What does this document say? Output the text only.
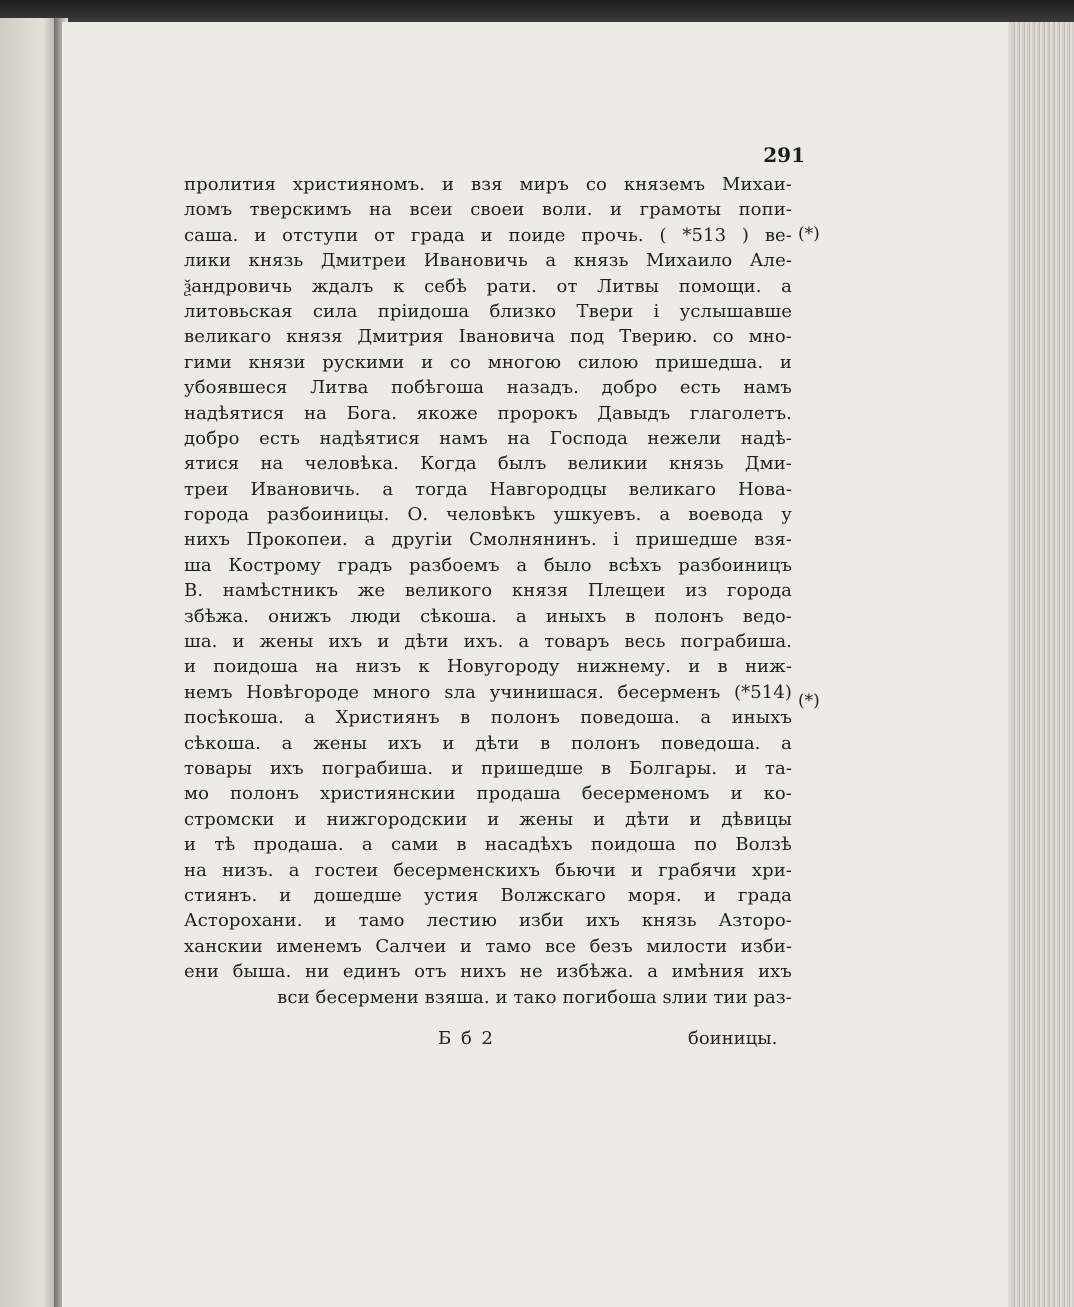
291
пролития християномъ. и взя миръ со княземъ Михаи-
ломъ тверскимъ на всеи своеи воли. и грамоты попи-
саша. и отступи от града и поиде прочь. ( *513 ) ве-
лики князь Дмитреи Ивановичь а князь Михаило Але-
ѯандровичь ждалъ к себѣ рати. от Литвы помощи. а
литовьская сила прiидоша близко Твери i услышавше
великаго князя Дмитрия Iвановича под Тверию. со мно-
гими князи рускими и со многою силою пришедша. и
убоявшеся Литва побѣгоша назадъ. добро есть намъ
надѣятися на Бога. якоже пророкъ Давыдъ глаголетъ.
добро есть надѣятися намъ на Господа нежели надѣ-
ятися на человѣка. Когда былъ великии князь Дми-
треи Ивановичь. а тогда Навгородцы великаго Нова-
города разбоиницы. О. человѣкъ ушкуевъ. а воевода у
нихъ Прокопеи. а другiи Смолнянинъ. i пришедше взя-
ша Кострому градъ разбоемъ а было всѣхъ разбоиницъ
В. намѣстникъ же великого князя Плещеи из города
збѣжа. онижъ люди сѣкоша. а иныхъ в полонъ ведо-
ша. и жены ихъ и дѣти ихъ. а товаръ весь пограбиша.
и поидоша на низъ к Новугороду нижнему. и в ниж-
немъ Новѣгороде много ѕла учинишася. бесерменъ (*514)
посѣкоша. а Християнъ в полонъ поведоша. а иныхъ
сѣкоша. а жены ихъ и дѣти в полонъ поведоша. а
товары ихъ пограбиша. и пришедше в Болгары. и та-
мо полонъ християнскии продаша бесерменомъ и ко-
стромски и нижгородскии и жены и дѣти и дѣвицы
и тѣ продаша. а сами в насадѣхъ поидоша по Волзѣ
на низъ. а гостеи бесерменскихъ бьючи и грабячи хри-
стиянъ. и дошедше устия Волжскаго моря. и града
Асторохани. и тамо лестию изби ихъ князь Азторо-
ханскии именемъ Салчеи и тамо все безъ милости изби-
ени быша. ни единъ отъ нихъ не избѣжа. а имѣния ихъ
вси бесермени взяша. и тако погибоша ѕлии тии раз-
(*)
(*)
Б б 2	боиницы.
